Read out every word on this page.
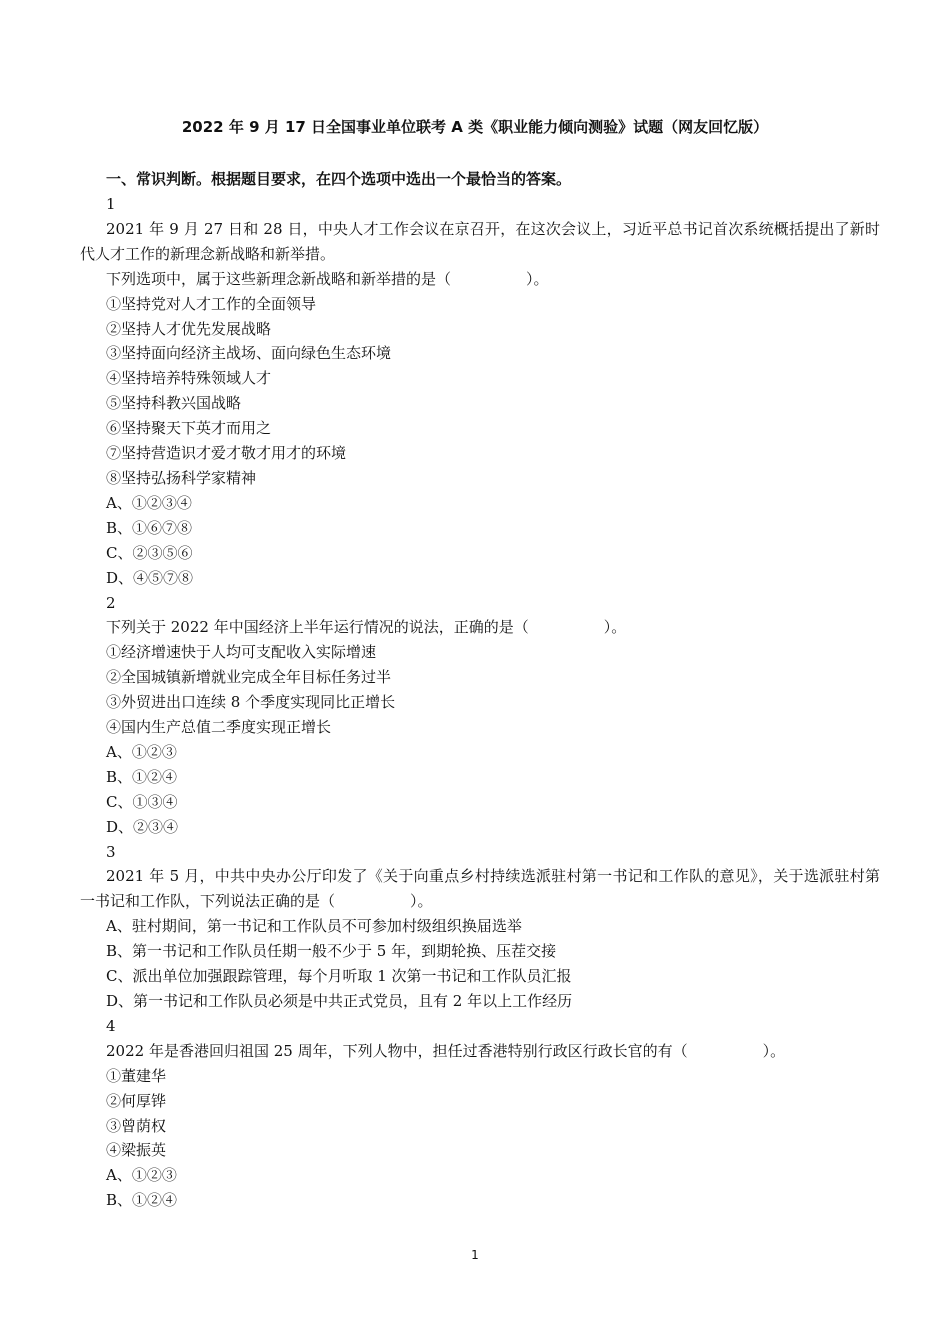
2022 年 9 月 17 日全国事业单位联考 A 类《职业能力倾向测验》试题（网友回忆版）
一、常识判断。根据题目要求，在四个选项中选出一个最恰当的答案。
1
2021 年 9 月 27 日和 28 日，中央人才工作会议在京召开，在这次会议上，习近平总书记首次系统概括提出了新时代人才工作的新理念新战略和新举措。
下列选项中，属于这些新理念新战略和新举措的是（　　　　　）。
①坚持党对人才工作的全面领导
②坚持人才优先发展战略
③坚持面向经济主战场、面向绿色生态环境
④坚持培养特殊领域人才
⑤坚持科教兴国战略
⑥坚持聚天下英才而用之
⑦坚持营造识才爱才敬才用才的环境
⑧坚持弘扬科学家精神
A、①②③④
B、①⑥⑦⑧
C、②③⑤⑥
D、④⑤⑦⑧
2
下列关于 2022 年中国经济上半年运行情况的说法，正确的是（　　　　　）。
①经济增速快于人均可支配收入实际增速
②全国城镇新增就业完成全年目标任务过半
③外贸进出口连续 8 个季度实现同比正增长
④国内生产总值二季度实现正增长
A、①②③
B、①②④
C、①③④
D、②③④
3
2021 年 5 月，中共中央办公厅印发了《关于向重点乡村持续选派驻村第一书记和工作队的意见》，关于选派驻村第一书记和工作队，下列说法正确的是（　　　　　）。
A、驻村期间，第一书记和工作队员不可参加村级组织换届选举
B、第一书记和工作队员任期一般不少于 5 年，到期轮换、压茬交接
C、派出单位加强跟踪管理，每个月听取 1 次第一书记和工作队员汇报
D、第一书记和工作队员必须是中共正式党员，且有 2 年以上工作经历
4
2022 年是香港回归祖国 25 周年，下列人物中，担任过香港特别行政区行政长官的有（　　　　　）。
①董建华
②何厚铧
③曾荫权
④梁振英
A、①②③
B、①②④
1
